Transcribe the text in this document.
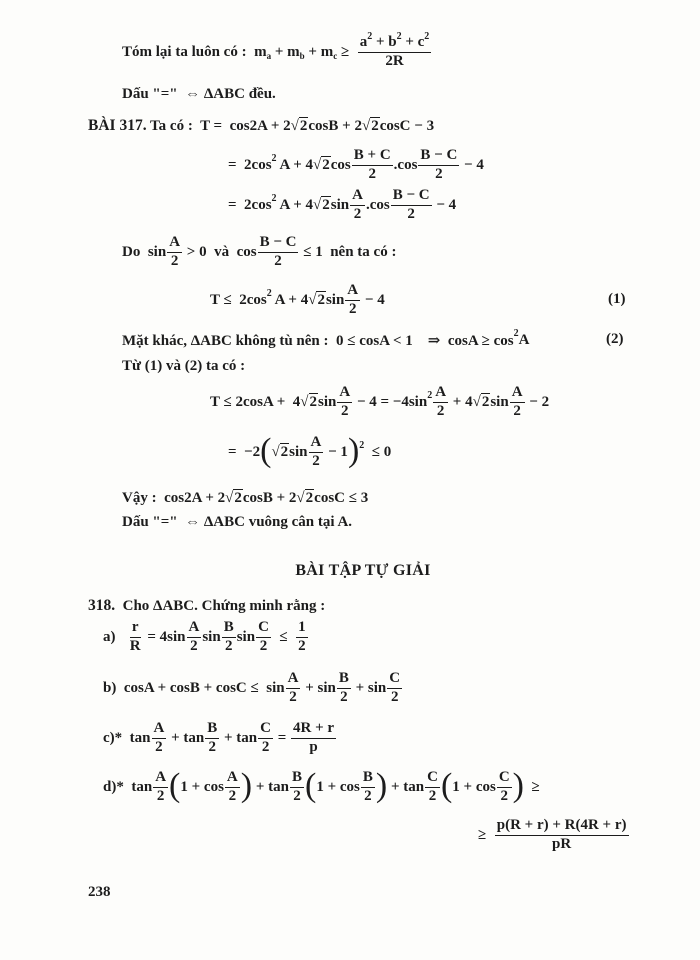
Tóm lại ta luôn có :  m a + m b + m $c \ge \frac{a^2 + b^2 + c^2}{2R}$
Dấu "="  ⇔ ΔABC đều.
BÀI 317. Ta có :  T =  cos2A + 2 √2 cosB + 2 √2 cosC − 3
=  2cos 2 A + 4 √2 $\cos \frac{B + C}{2} .\cos \frac{B - C}{2} - 4$
=  2cos 2 A + 4 √2 $\sin \frac{A}{2} .\cos \frac{B - C}{2} - 4$
Do  $\sin \frac{A}{2} > 0$  và  $\cos \frac{B - C}{2} \le 1$  nên ta có :
T ≤  2cos 2 A + 4 √2 $\sin \frac{A}{2} - 4$
Mặt khác, ΔABC không tù nên :  0 ≤ cosA < 1    ⇒  cosA ≥ cos 2 A
Từ (1) và (2) ta có :
T ≤ 2cosA +  4 √2 $\sin \frac{A}{2} - 4 = -4\sin$ $2 \frac{A}{2} + 4$ √2 $\sin \frac{A}{2} - 2$
=  −2 ( √2 $\sin \frac{A}{2} - 1$ ) 2 ≤ 0
Vậy :  cos2A + 2 √2 cosB + 2 √2 cosC ≤ 3
Dấu "="  ⇔ ΔABC vuông cân tại A.
318. Cho ΔABC. Chứng minh rằng :
$a) \frac{r}{R} = 4\sin \frac{A}{2}$ $\sin \frac{B}{2}$ $\sin \frac{C}{2} \le \frac{1}{2}$
b)  $\cos A + \cos B + \cos C \le \sin \frac{A}{2} + \sin \frac{B}{2} + \sin \frac{C}{2}$
c)*  $\tan \frac{A}{2} + \tan \frac{B}{2} + \tan \frac{C}{2} = \frac{4R + r}{p}$
d)*  $\tan \frac{A}{2}$ ( $1 + \cos \frac{A}{2}$ ) + $\tan \frac{B}{2}$ ( $1 + \cos \frac{B}{2}$ ) + $\tan \frac{C}{2}$ ( $1 + \cos \frac{C}{2}$ ) ≥
≥ $\frac{p(R + r) + R(4R + r)}{pR}$
(1)
(2)
BÀI TẬP TỰ GIẢI
238
